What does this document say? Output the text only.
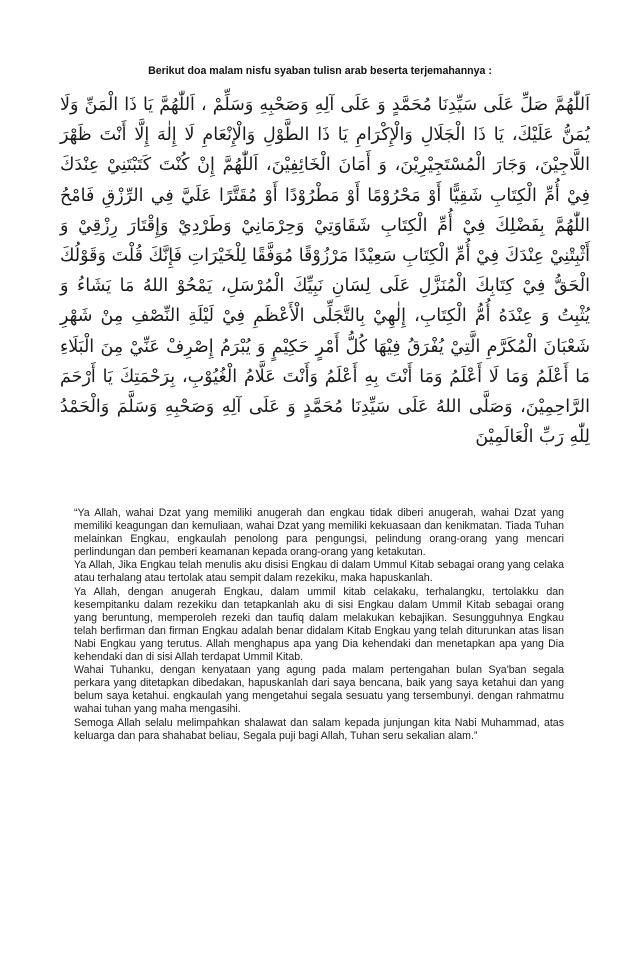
Berikut doa malam nisfu syaban tulisn arab beserta terjemahannya :
اَللّٰهُمَّ صَلِّ عَلَى سَيِّدِنَا مُحَمَّدٍ وَ عَلَى آلِهِ وَصَحْبِهِ وَسَلِّمْ ، اَللّٰهُمَّ يَا ذَا الْمَنِّ وَلَا يُمَنُّ عَلَيْكَ، يَا ذَا الْجَلَالِ وَالْإِكْرَامِ يَا ذَا الطَّوْلِ وَالْإِنْعَامِ لَا إِلٰهَ إِلَّا أَنْتَ ظَهْرَ اللَّاجِيْنَ، وَجَارَ الْمُسْتَجِيْرِيْنَ، وَ أَمَانَ الْخَائِفِيْنَ، اَللّٰهُمَّ إِنْ كُنْتَ كَتَبْتَنِيْ عِنْدَكَ فِيْ أُمِّ الْكِتَابِ شَقِيًّا أَوْ مَحْرُوْمًا أَوْ مَطْرُوْدًا أَوْ مُقَتَّرًا عَلَيَّ فِي الرِّزْقِ فَامْحُ اللّٰهُمَّ بِفَضْلِكَ فِيْ أُمِّ الْكِتَابِ شَقَاوَتِيْ وَحِرْمَانِيْ وَطَرْدِيْ وَإِقْتَارَ رِزْقِيْ وَ أَثْبِتْنِيْ عِنْدَكَ فِيْ أُمِّ الْكِتَابِ سَعِيْدًا مَرْزُوْقًا مُوَفَّقًا لِلْخَيْرَاتِ فَإِنَّكَ قُلْتَ وَقَوْلُكَ الْحَقُّ فِيْ كِتَابِكَ الْمُنَزَّلِ عَلَى لِسَانِ نَبِيِّكَ الْمُرْسَلِ، يَمْحُوْ اللهُ مَا يَشَاءُ وَ يُثْبِتُ وَ عِنْدَهُ أُمُّ الْكِتَابِ، إِلٰهِيْ بِالتَّجَلِّى الْأَعْظَمِ فِيْ لَيْلَةِ النِّصْفِ مِنْ شَهْرِ شَعْبَانَ الْمُكَرَّمِ الَّتِيْ يُفْرَقُ فِيْهَا كُلُّ أَمْرٍ حَكِيْمٍ وَ يُبْرَمُ إِصْرِفْ عَنِّيْ مِنَ الْبَلَاءِ مَا أَعْلَمُ وَمَا لَا أَعْلَمُ وَمَا أَنْتَ بِهِ أَعْلَمُ وَأَنْتَ عَلَّامُ الْغُيُوْبِ، بِرَحْمَتِكَ يَا أَرْحَمَ الرَّاحِمِيْنَ، وَصَلَّى اللهُ عَلَى سَيِّدِنَا مُحَمَّدٍ وَ عَلَى آلِهِ وَصَحْبِهِ وَسَلَّمَ وَالْحَمْدُ لِلّٰهِ رَبِّ الْعَالَمِيْنَ

“Ya Allah, wahai Dzat yang memiliki anugerah dan engkau tidak diberi anugerah, wahai Dzat yang memiliki keagungan dan kemuliaan, wahai Dzat yang memiliki kekuasaan dan kenikmatan. Tiada Tuhan melainkan Engkau, engkaulah penolong para pengungsi, pelindung orang-orang yang mencari perlindungan dan pemberi keamanan kepada orang-orang yang ketakutan.

Ya Allah, Jika Engkau telah menulis aku disisi Engkau di dalam Ummul Kitab sebagai orang yang celaka atau terhalang atau tertolak atau sempit dalam rezekiku, maka hapuskanlah.

Ya Allah, dengan anugerah Engkau, dalam ummil kitab celakaku, terhalangku, tertolakku dan kesempitanku dalam rezekiku dan tetapkanlah aku di sisi Engkau dalam Ummil Kitab sebagai orang yang beruntung, memperoleh rezeki dan taufiq dalam melakukan kebajikan. Sesungguhnya Engkau telah berfirman dan firman Engkau adalah benar didalam Kitab Engkau yang telah diturunkan atas lisan Nabi Engkau yang terutus. Allah menghapus apa yang Dia kehendaki dan menetapkan apa yang Dia kehendaki dan di sisi Allah terdapat Ummil Kitab.

Wahai Tuhanku, dengan kenyataan yang agung pada malam pertengahan bulan Sya'ban segala perkara yang ditetapkan dibedakan, hapuskanlah dari saya bencana, baik yang saya ketahui dan yang belum saya ketahui. engkaulah yang mengetahui segala sesuatu yang tersembunyi. dengan rahmatmu wahai tuhan yang maha mengasihi.

Semoga Allah selalu melimpahkan shalawat dan salam kepada junjungan kita Nabi Muhammad, atas keluarga dan para shahabat beliau, Segala puji bagi Allah, Tuhan seru sekalian alam.”
